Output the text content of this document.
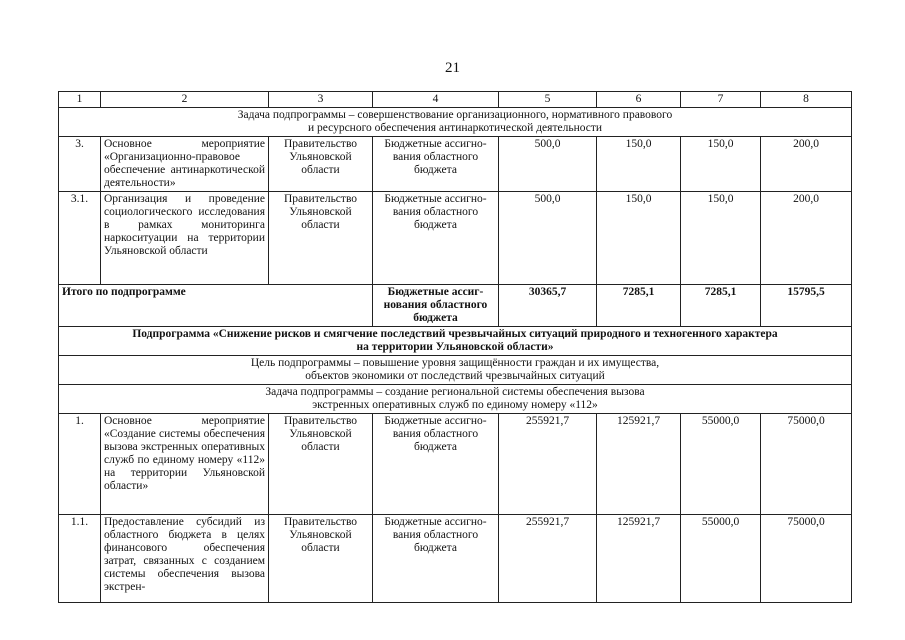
21
1	2	3	4	5	6	7	8
Задача подпрограммы – совершенствование организационного, нормативного правового
и ресурсного обеспечения антинаркотической деятельности							
3.	Основное мероприятие «Организационно-правовое обеспечение антинаркотической деятельности»	Правительство
Ульяновской
области	Бюджетные ассигно-
вания областного
бюджета	500,0	150,0	150,0	200,0
3.1.	Организация и проведение социологического исследования в рамках мониторинга наркоситуации на территории Ульяновской области	Правительство
Ульяновской
области	Бюджетные ассигно-
вания областного
бюджета	500,0	150,0	150,0	200,0
Итого по подпрограмме			Бюджетные ассиг-
нования областного
бюджета	30365,7	7285,1	7285,1	15795,5
Подпрограмма «Снижение рисков и смягчение последствий чрезвычайных ситуаций природного и техногенного характера
на территории Ульяновской области»							
Цель подпрограммы – повышение уровня защищённости граждан и их имущества,
объектов экономики от последствий чрезвычайных ситуаций							
Задача подпрограммы – создание региональной системы обеспечения вызова
экстренных оперативных служб по единому номеру «112»							
1.	Основное мероприятие «Создание системы обеспечения вызова экстренных оперативных служб по единому номеру «112» на территории Ульяновской области»	Правительство
Ульяновской
области	Бюджетные ассигно-
вания областного
бюджета	255921,7	125921,7	55000,0	75000,0
1.1.	Предоставление субсидий из областного бюджета в целях финансового обеспечения затрат, связанных с созданием системы обеспечения вызова экстрен-	Правительство
Ульяновской
области	Бюджетные ассигно-
вания областного
бюджета	255921,7	125921,7	55000,0	75000,0
